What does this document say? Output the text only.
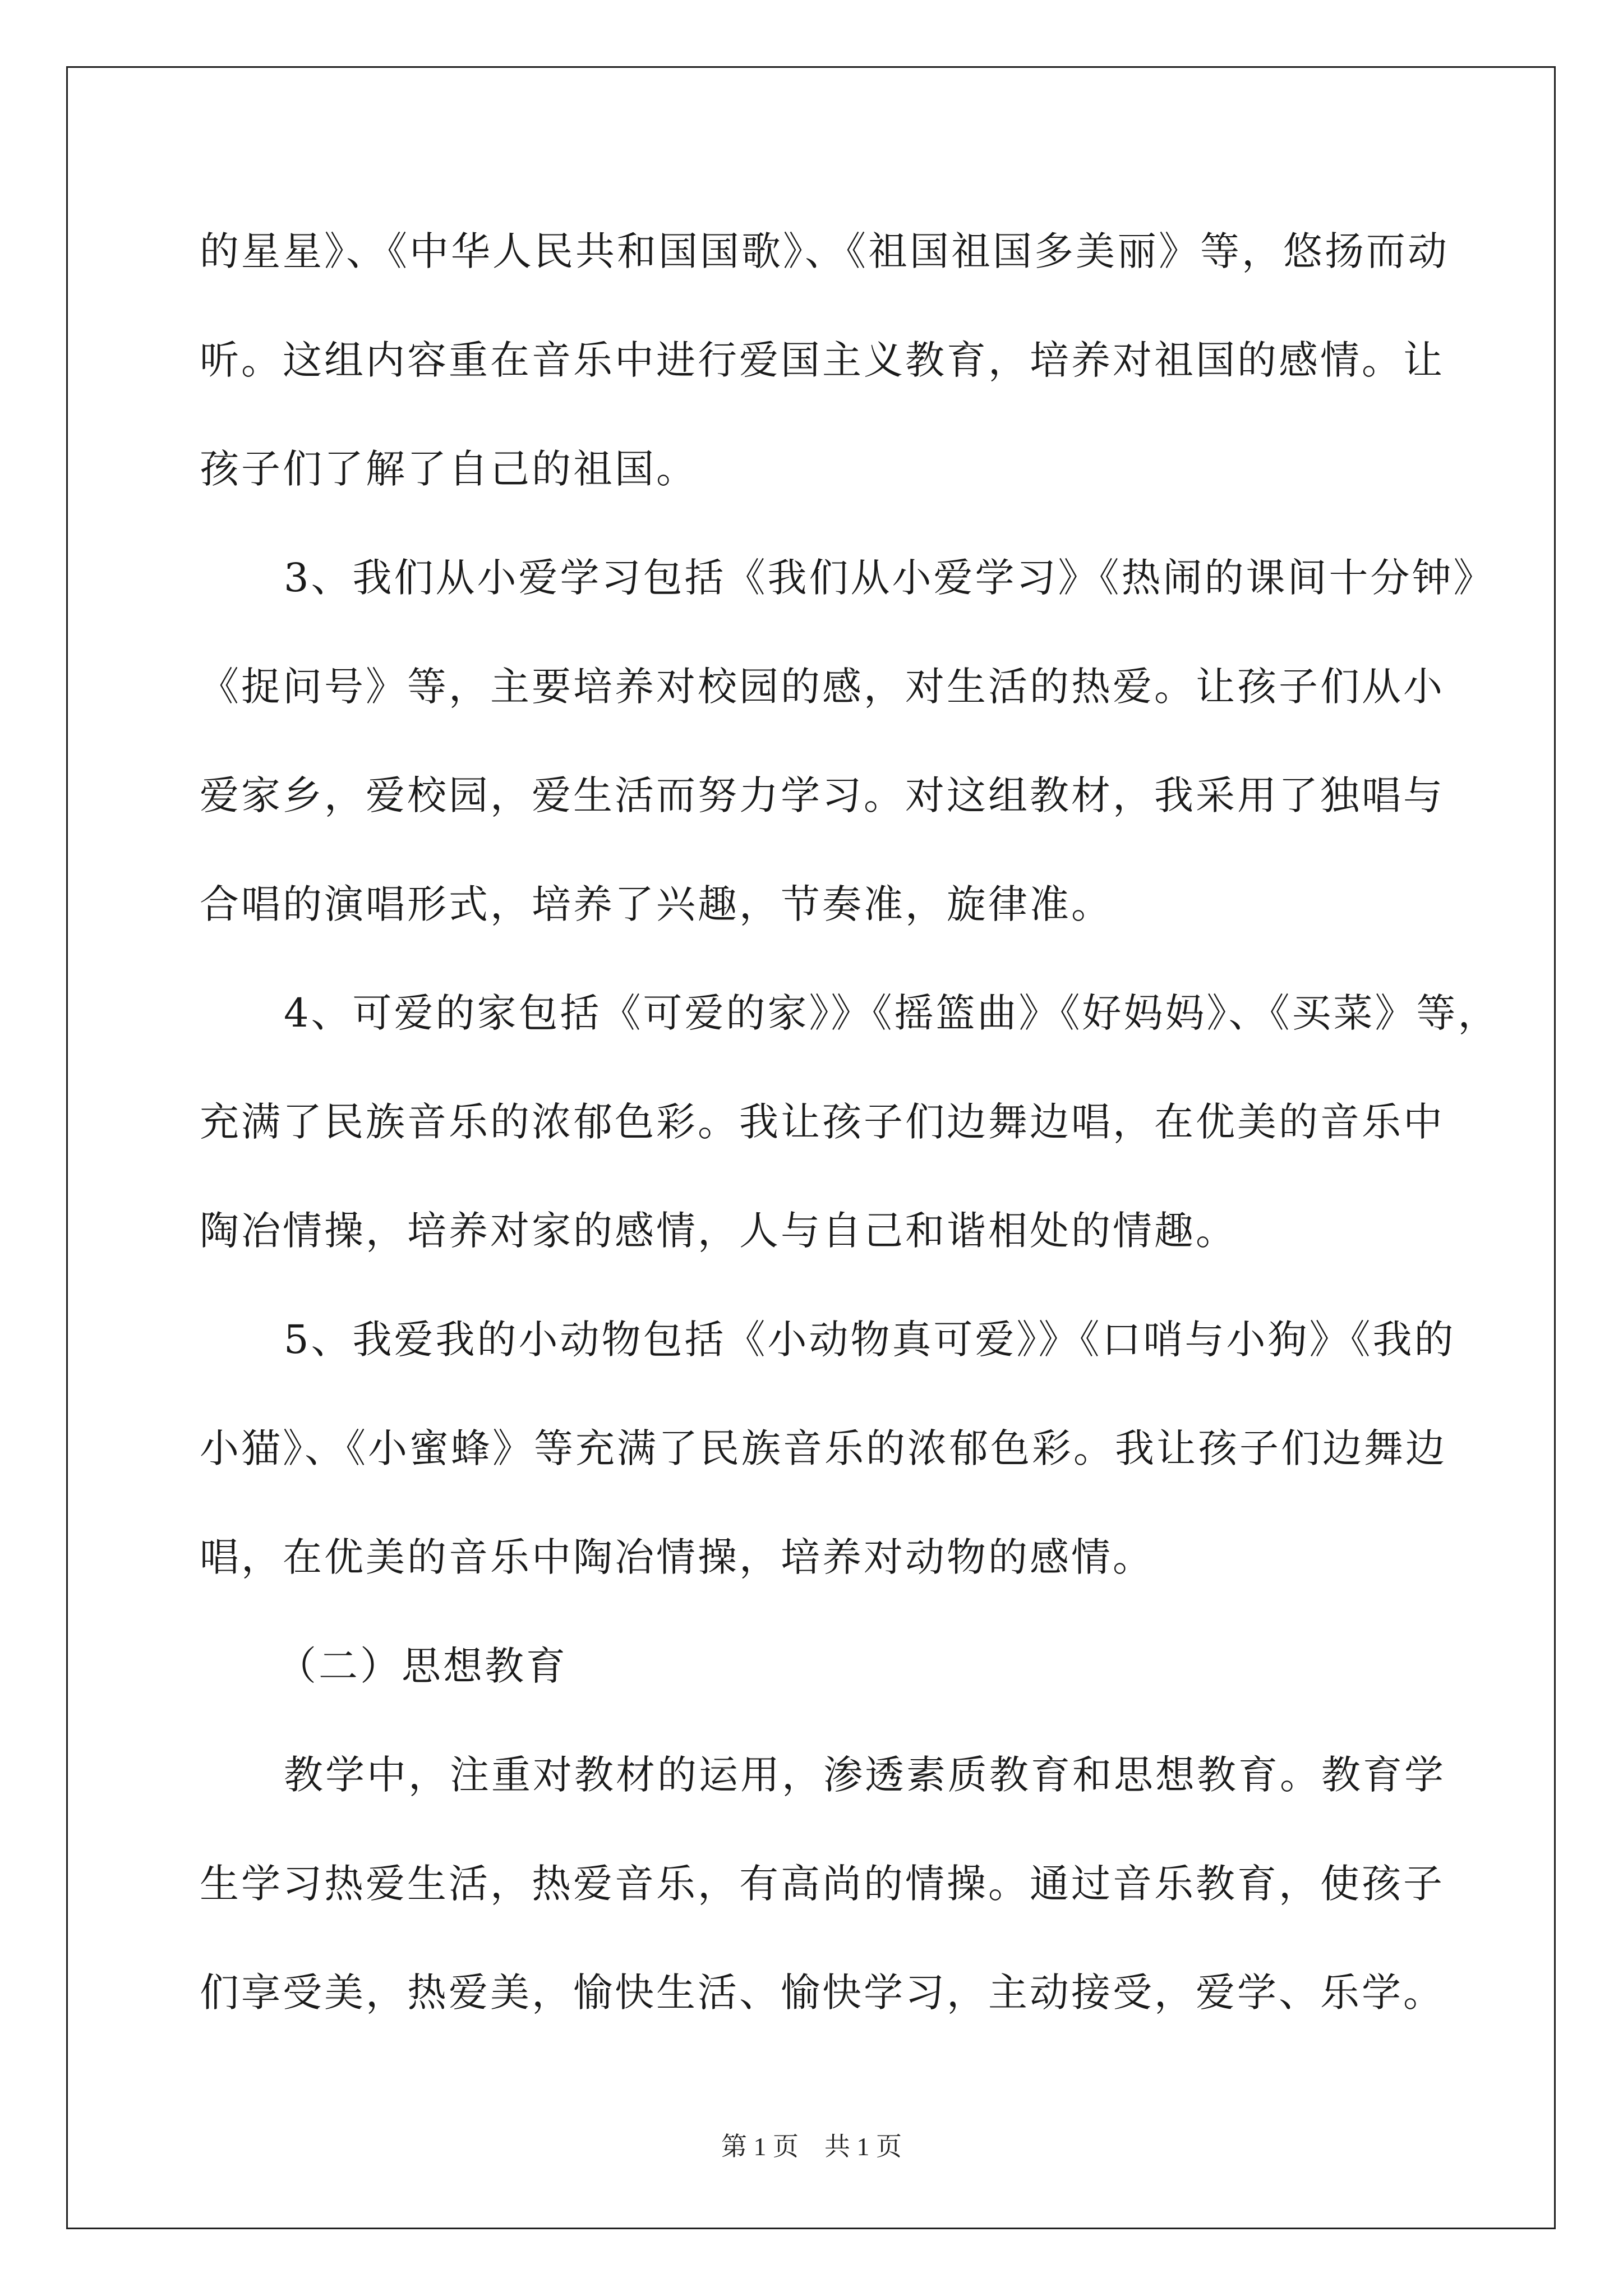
的星星》、《中华人民共和国国歌》、《祖国祖国多美丽》等，悠扬而动
听。这组内容重在音乐中进行爱国主义教育，培养对祖国的感情。让
孩子们了解了自己的祖国。
3、我们从小爱学习包括《我们从小爱学习》《热闹的课间十分钟》
《捉问号》等，主要培养对校园的感，对生活的热爱。让孩子们从小
爱家乡，爱校园，爱生活而努力学习。对这组教材，我采用了独唱与
合唱的演唱形式，培养了兴趣，节奏准，旋律准。
4、可爱的家包括《可爱的家》》《摇篮曲》《好妈妈》、《买菜》等，
充满了民族音乐的浓郁色彩。我让孩子们边舞边唱，在优美的音乐中
陶冶情操，培养对家的感情，人与自己和谐相处的情趣。
5、我爱我的小动物包括《小动物真可爱》》《口哨与小狗》《我的
小猫》、《小蜜蜂》等充满了民族音乐的浓郁色彩。我让孩子们边舞边
唱，在优美的音乐中陶冶情操，培养对动物的感情。
（二）思想教育
教学中，注重对教材的运用，渗透素质教育和思想教育。教育学
生学习热爱生活，热爱音乐，有高尚的情操。通过音乐教育，使孩子
们享受美，热爱美，愉快生活、愉快学习，主动接受，爱学、乐学。
第 1 页　共 1 页
